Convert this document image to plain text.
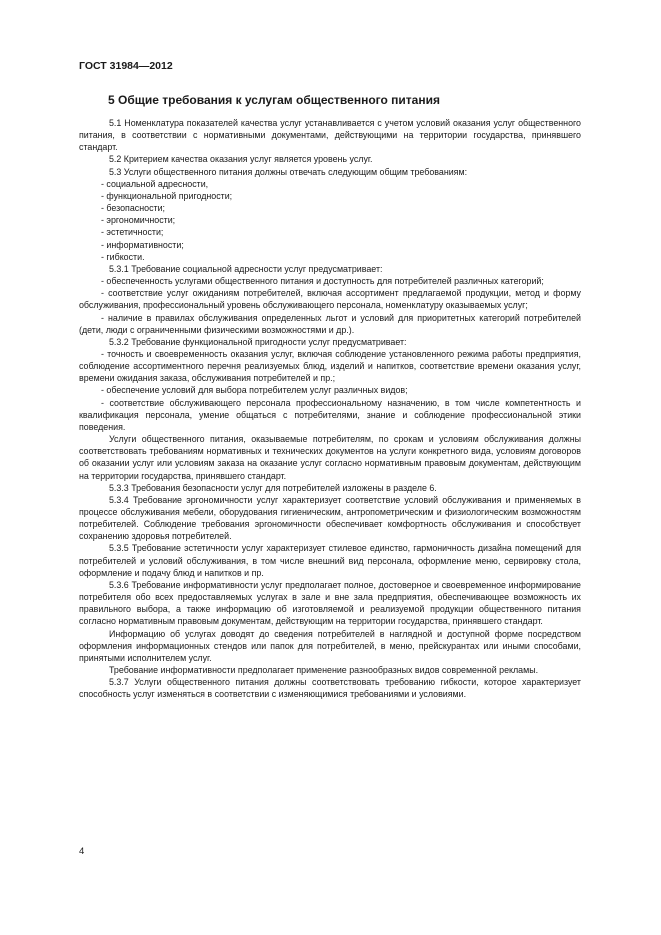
ГОСТ 31984—2012
5 Общие требования к услугам общественного питания

5.1 Номенклатура показателей качества услуг устанавливается с учетом условий оказания услуг общественного питания, в соответствии с нормативными документами, действующими на территории государства, принявшего стандарт.

5.2 Критерием качества оказания услуг является уровень услуг.

5.3 Услуги общественного питания должны отвечать следующим общим требованиям:

- социальной адресности,

- функциональной пригодности;

- безопасности;

- эргономичности;

- эстетичности;

- информативности;

- гибкости.

5.3.1 Требование социальной адресности услуг предусматривает:

- обеспеченность услугами общественного питания и доступность для потребителей различных категорий;

- соответствие услуг ожиданиям потребителей, включая ассортимент предлагаемой продукции, метод и форму обслуживания, профессиональный уровень обслуживающего персонала, номенклатуру оказываемых услуг;

- наличие в правилах обслуживания определенных льгот и условий для приоритетных категорий потребителей (дети, люди с ограниченными физическими возможностями и др.).

5.3.2 Требование функциональной пригодности услуг предусматривает:

- точность и своевременность оказания услуг, включая соблюдение установленного режима работы предприятия, соблюдение ассортиментного перечня реализуемых блюд, изделий и напитков, соответствие времени оказания услуг, времени ожидания заказа, обслуживания потребителей и пр.;

- обеспечение условий для выбора потребителем услуг различных видов;

- соответствие обслуживающего персонала профессиональному назначению, в том числе компетентность и квалификация персонала, умение общаться с потребителями, знание и соблюдение профессиональной этики поведения.

Услуги общественного питания, оказываемые потребителям, по срокам и условиям обслуживания должны соответствовать требованиям нормативных и технических документов на услуги конкретного вида, условиям договоров об оказании услуг или условиям заказа на оказание услуг согласно нормативным правовым документам, действующим на территории государства, принявшего стандарт.

5.3.3 Требования безопасности услуг для потребителей изложены в разделе 6.

5.3.4 Требование эргономичности услуг характеризует соответствие условий обслуживания и применяемых в процессе обслуживания мебели, оборудования гигиеническим, антропометрическим и физиологическим возможностям потребителей. Соблюдение требования эргономичности обеспечивает комфортность обслуживания и способствует сохранению здоровья потребителей.

5.3.5 Требование эстетичности услуг характеризует стилевое единство, гармоничность дизайна помещений для потребителей и условий обслуживания, в том числе внешний вид персонала, оформление меню, сервировку стола, оформление и подачу блюд и напитков и пр.

5.3.6 Требование информативности услуг предполагает полное, достоверное и своевременное информирование потребителя обо всех предоставляемых услугах в зале и вне зала предприятия, обеспечивающее возможность их правильного выбора, а также информацию об изготовляемой и реализуемой продукции общественного питания согласно нормативным правовым документам, действующим на территории государства, принявшего стандарт.

Информацию об услугах доводят до сведения потребителей в наглядной и доступной форме посредством оформления информационных стендов или папок для потребителей, в меню, прейскурантах или иными способами, принятыми исполнителем услуг.

Требование информативности предполагает применение разнообразных видов современной рекламы.

5.3.7 Услуги общественного питания должны соответствовать требованию гибкости, которое характеризует способность услуг изменяться в соответствии с изменяющимися требованиями и условиями.

4
